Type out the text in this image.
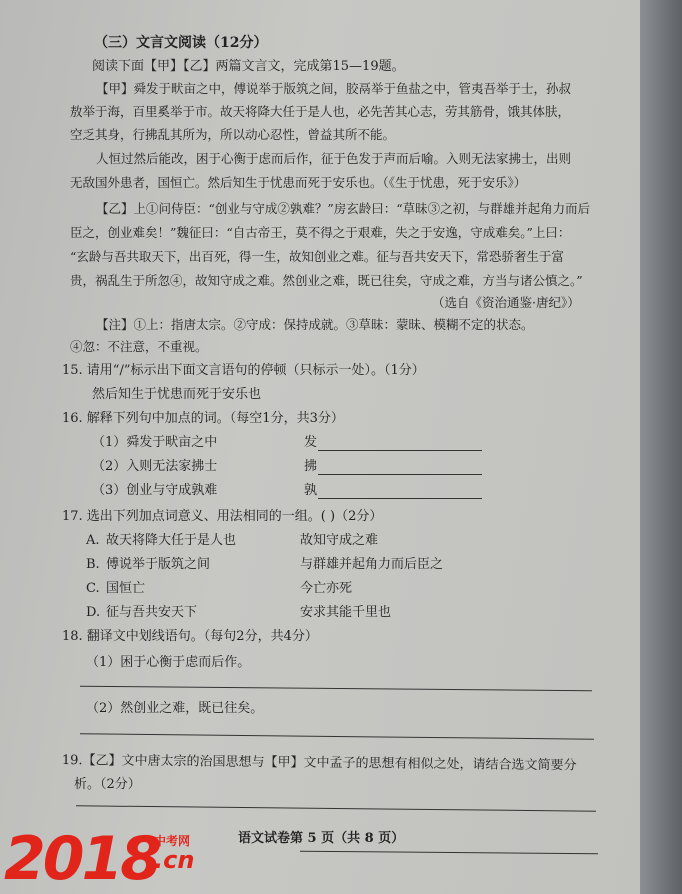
（三）文言文阅读（12分）
阅读下面【甲】【乙】两篇文言文，完成第15—19题。
【甲】舜发于畎亩之中，傅说举于版筑之间，胶鬲举于鱼盐之中，管夷吾举于士，孙叔
敖举于海，百里奚举于市。故天将降大任于是人也，必先苦其心志，劳其筋骨，饿其体肤，
空乏其身，行拂乱其所为，所以动心忍性，曾益其所不能。
人恒过然后能改，困于心衡于虑而后作，征于色发于声而后喻。入则无法家拂士，出则
无敌国外患者，国恒亡。然后知生于忧患而死于安乐也。（《生于忧患，死于安乐》）
【乙】上①问侍臣：“创业与守成②孰难？”房玄龄曰：“草昧③之初，与群雄并起角力而后
臣之，创业难矣！”魏征曰：“自古帝王，莫不得之于艰难，失之于安逸，守成难矣。”上曰：
“玄龄与吾共取天下，出百死，得一生，故知创业之难。征与吾共安天下，常恐骄奢生于富
贵，祸乱生于所忽④，故知守成之难。然创业之难，既已往矣，守成之难，方当与诸公慎之。”
（选自《资治通鉴·唐纪》）
【注】①上：指唐太宗。②守成：保持成就。③草昧：蒙昧、模糊不定的状态。
④忽：不注意，不重视。
15. 请用“/”标示出下面文言语句的停顿（只标示一处）。（1分）
然后知生于忧患而死于安乐也
16. 解释下列句中加点的词。（每空1分，共3分）
（1）舜发于畎亩之中	发
（2）入则无法家拂士	拂
（3）创业与守成孰难	孰
17. 选出下列加点词意义、用法相同的一组。( )（2分）
A. 故天将降大任于是人也	故知守成之难
B. 傅说举于版筑之间	与群雄并起角力而后臣之
C. 国恒亡	今亡亦死
D. 征与吾共安天下	安求其能千里也
18. 翻译文中划线语句。（每句2分，共4分）
（1）困于心衡于虑而后作。
（2）然创业之难，既已往矣。
19.【乙】文中唐太宗的治国思想与【甲】文中孟子的思想有相似之处，请结合选文简要分
析。（2分）
语文试卷第 5 页（共 8 页）
2018
中考网
.cn
